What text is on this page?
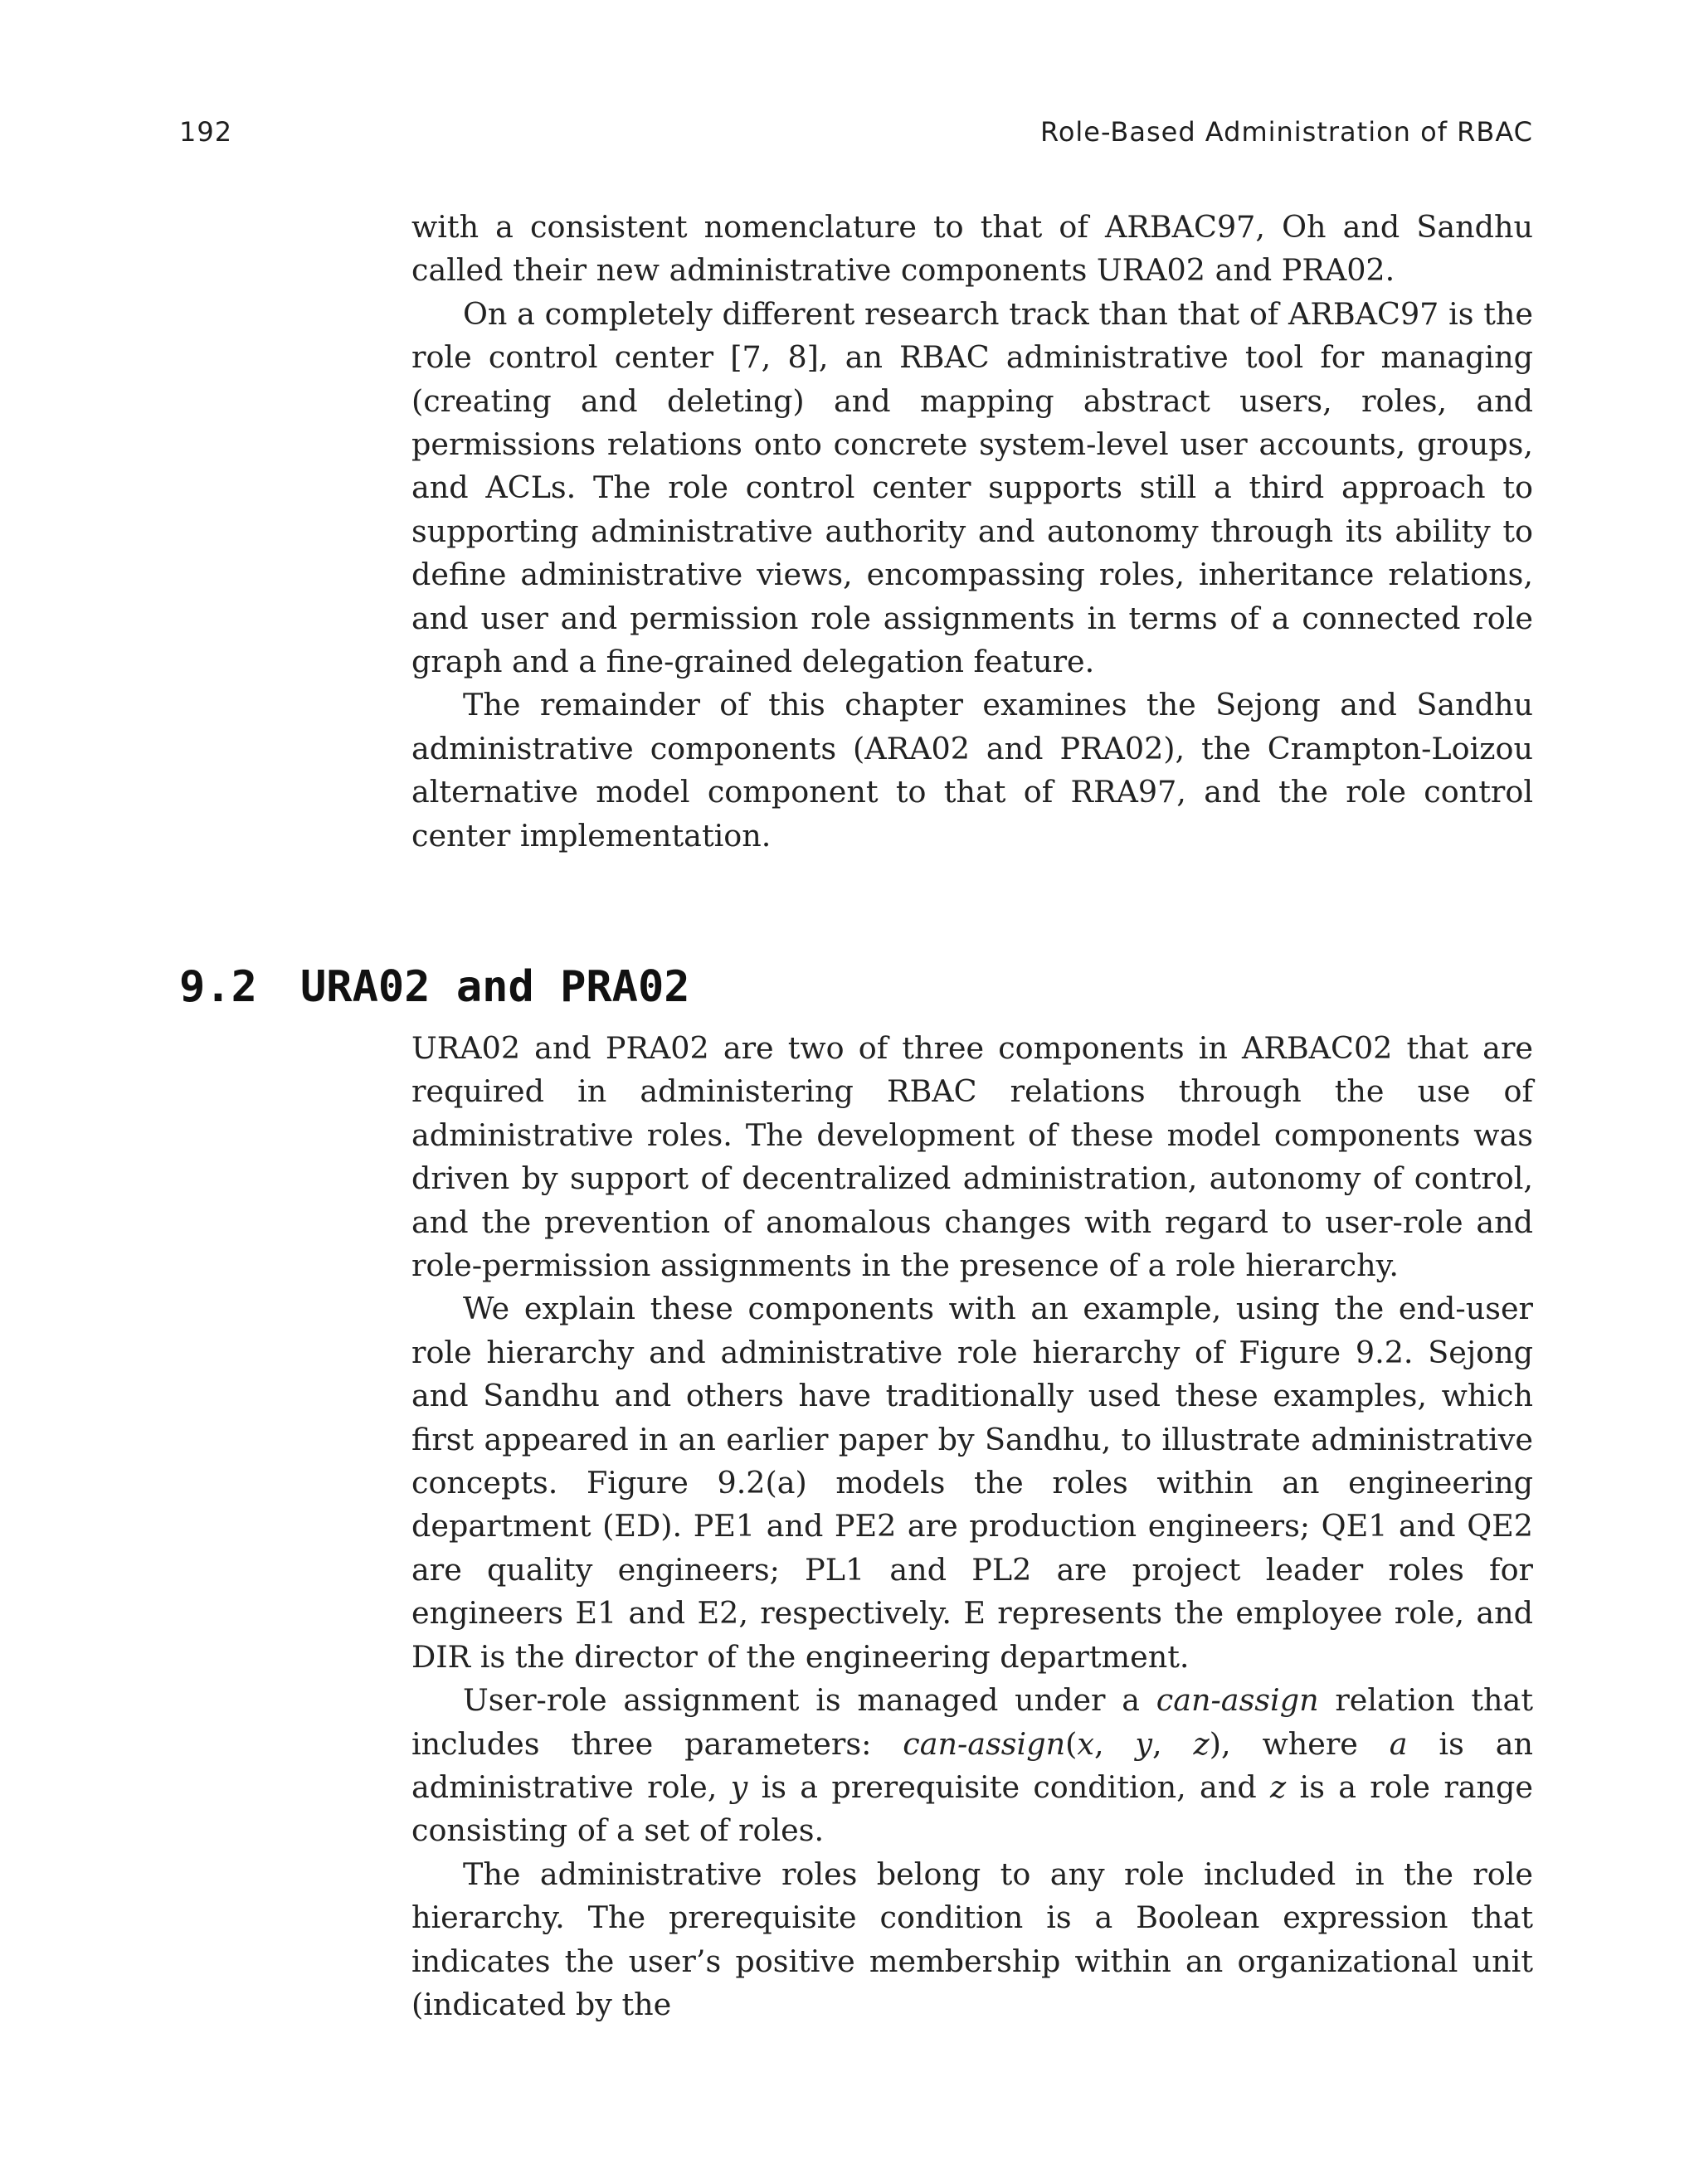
192	Role-Based Administration of RBAC

with a consistent nomenclature to that of ARBAC97, Oh and Sandhu called their new administrative components URA02 and PRA02.

On a completely different research track than that of ARBAC97 is the role control center [7, 8], an RBAC administrative tool for managing (creating and deleting) and mapping abstract users, roles, and permissions relations onto concrete system-level user accounts, groups, and ACLs. The role control center supports still a third approach to supporting administrative authority and autonomy through its ability to define administrative views, encompassing roles, inheritance relations, and user and permission role assignments in terms of a connected role graph and a fine-grained delegation feature.

The remainder of this chapter examines the Sejong and Sandhu administrative components (ARA02 and PRA02), the Crampton-Loizou alternative model component to that of RRA97, and the role control center implementation.

9.2 URA02 and PRA02

URA02 and PRA02 are two of three components in ARBAC02 that are required in administering RBAC relations through the use of administrative roles. The development of these model components was driven by support of decentralized administration, autonomy of control, and the prevention of anomalous changes with regard to user-role and role-permission assignments in the presence of a role hierarchy.

We explain these components with an example, using the end-user role hierarchy and administrative role hierarchy of Figure 9.2. Sejong and Sandhu and others have traditionally used these examples, which first appeared in an earlier paper by Sandhu, to illustrate administrative concepts. Figure 9.2(a) models the roles within an engineering department (ED). PE1 and PE2 are production engineers; QE1 and QE2 are quality engineers; PL1 and PL2 are project leader roles for engineers E1 and E2, respectively. E represents the employee role, and DIR is the director of the engineering department.

User-role assignment is managed under a can-assign relation that includes three parameters: can-assign(x, y, z), where a is an administrative role, y is a prerequisite condition, and z is a role range consisting of a set of roles.

The administrative roles belong to any role included in the role hierarchy. The prerequisite condition is a Boolean expression that indicates the user’s positive membership within an organizational unit (indicated by the
